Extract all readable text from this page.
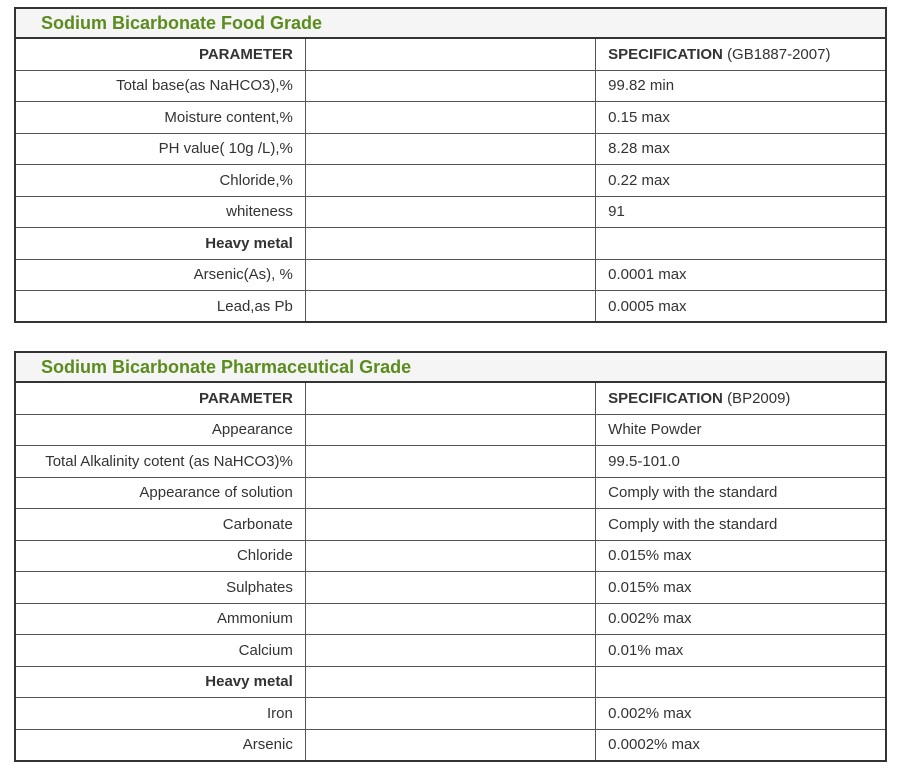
Sodium Bicarbonate Food Grade		
PARAMETER		SPECIFICATION (GB1887-2007)
Total base(as NaHCO3),%		99.82 min
Moisture content,%		0.15 max
PH value( 10g /L),%		8.28 max
Chloride,%		0.22 max
whiteness		91
Heavy metal		
Arsenic(As), %		0.0001 max
Lead,as Pb		0.0005 max
Sodium Bicarbonate Pharmaceutical Grade		
PARAMETER		SPECIFICATION (BP2009)
Appearance		White Powder
Total Alkalinity cotent (as NaHCO3)%		99.5-101.0
Appearance of solution		Comply with the standard
Carbonate		Comply with the standard
Chloride		0.015% max
Sulphates		0.015% max
Ammonium		0.002% max
Calcium		0.01% max
Heavy metal		
Iron		0.002% max
Arsenic		0.0002% max
